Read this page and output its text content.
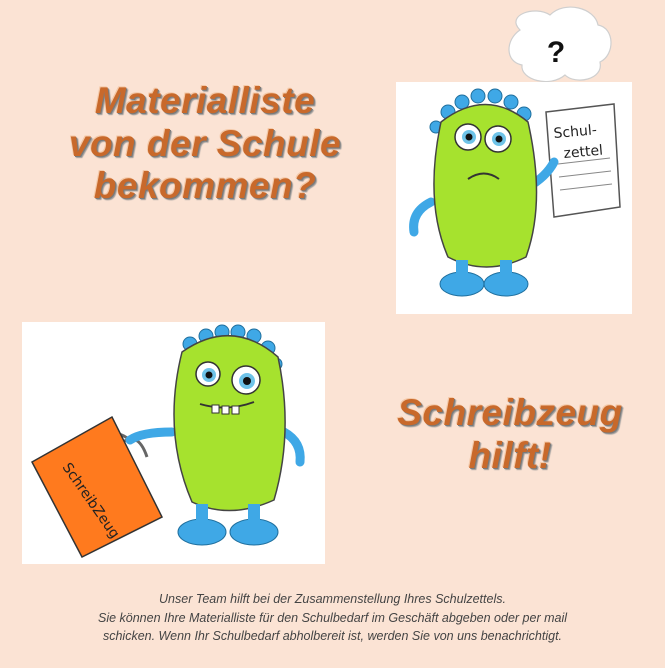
Materialliste
von der Schule
bekommen?
?
Schul-
zettel
SchreibZeug
Schreibzeug
hilft!
Unser Team hilft bei der Zusammenstellung Ihres Schulzettels.
Sie können Ihre Materialliste für den Schulbedarf im Geschäft abgeben oder per mail
schicken. Wenn Ihr Schulbedarf abholbereit ist, werden Sie von uns benachrichtigt.
